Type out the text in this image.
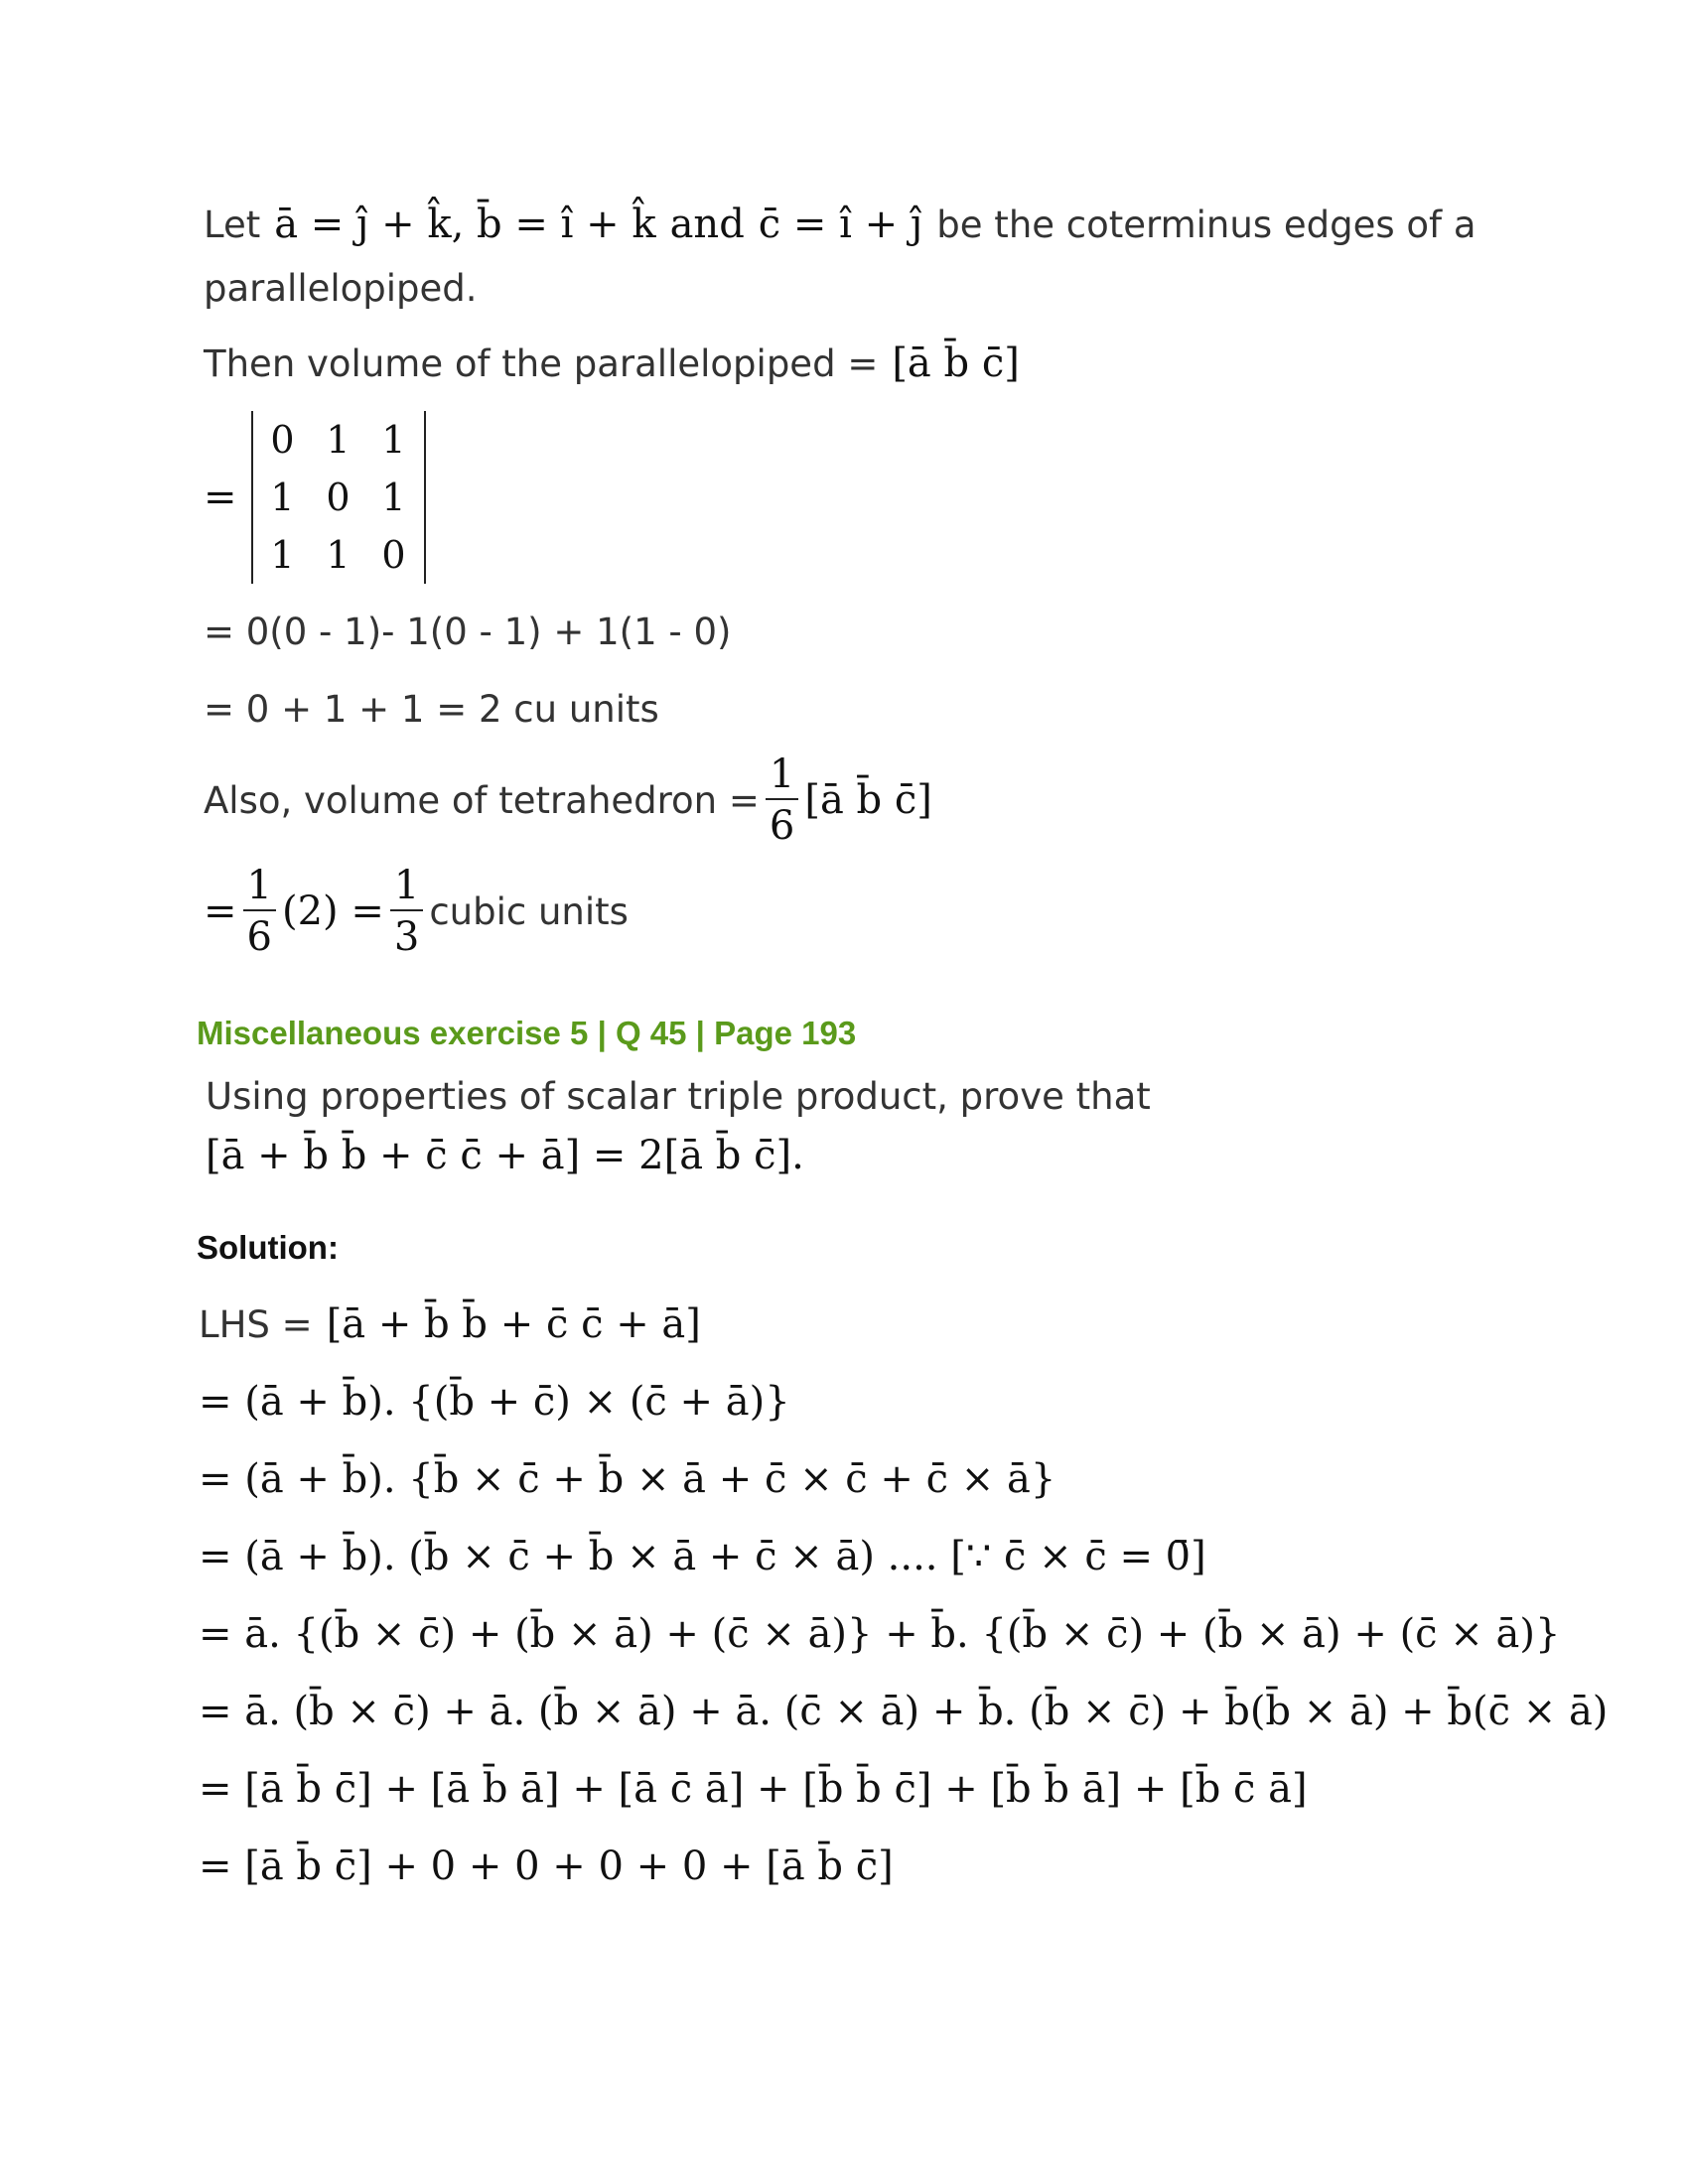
Let ā = ĵ + k̂, b̄ = î + k̂ and c̄ = î + ĵ be the coterminus edges of a
parallelopiped.
Then volume of the parallelopiped = [ā b̄ c̄]
=
0 1 1
1 0 1
1 1 0
= 0(0 - 1)- 1(0 - 1) + 1(1 - 0)
= 0 + 1 + 1 = 2 cu units
Also, volume of tetrahedron = $\frac{1}{6}$ [ā b̄ c̄]
= $\frac{1}{6} (2) = \frac{1}{3}$ cubic units
Miscellaneous exercise 5 | Q 45 | Page 193
Using properties of scalar triple product, prove that
[ā + b̄ b̄ + c̄ c̄ + ā] = 2[ā b̄ c̄].
Solution:
LHS = [ā + b̄ b̄ + c̄ c̄ + ā]
= (ā + b̄). {(b̄ + c̄) × (c̄ + ā)}
= (ā + b̄). {b̄ × c̄ + b̄ × ā + c̄ × c̄ + c̄ × ā}
= (ā + b̄). (b̄ × c̄ + b̄ × ā + c̄ × ā) .... [∵ c̄ × c̄ = 0̄]
= ā. {(b̄ × c̄) + (b̄ × ā) + (c̄ × ā)} + b̄. {(b̄ × c̄) + (b̄ × ā) + (c̄ × ā)}
= ā. (b̄ × c̄) + ā. (b̄ × ā) + ā. (c̄ × ā) + b̄. (b̄ × c̄) + b̄(b̄ × ā) + b̄(c̄ × ā)
= [ā b̄ c̄] + [ā b̄ ā] + [ā c̄ ā] + [b̄ b̄ c̄] + [b̄ b̄ ā] + [b̄ c̄ ā]
= [ā b̄ c̄] + 0 + 0 + 0 + 0 + [ā b̄ c̄]
